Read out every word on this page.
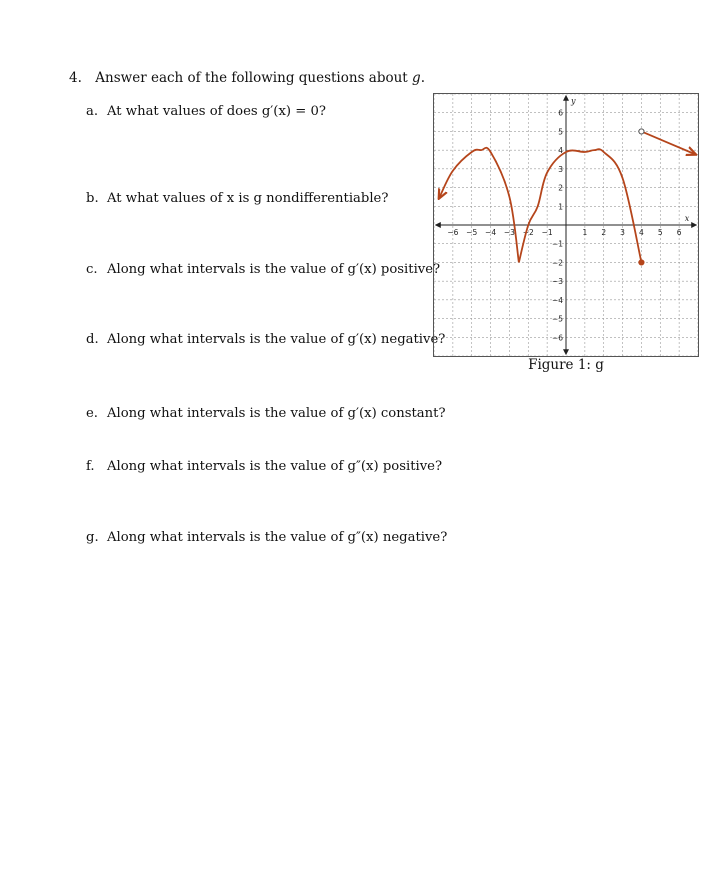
4. Answer each of the following questions about g.
a. At what values of does g′(x) = 0?
b. At what values of x is g nondifferentiable?
c. Along what intervals is the value of g′(x) positive?
d. Along what intervals is the value of g′(x) negative?
e. Along what intervals is the value of g′(x) constant?
f. Along what intervals is the value of g″(x) positive?
g. Along what intervals is the value of g″(x) negative?
−6 −5 −4 −3 −2 −1	1 2 3 4 5 6
6
5
4
3
2
1
−1
−2
−3
−4
−5
−6
x
y
Figure 1: g
